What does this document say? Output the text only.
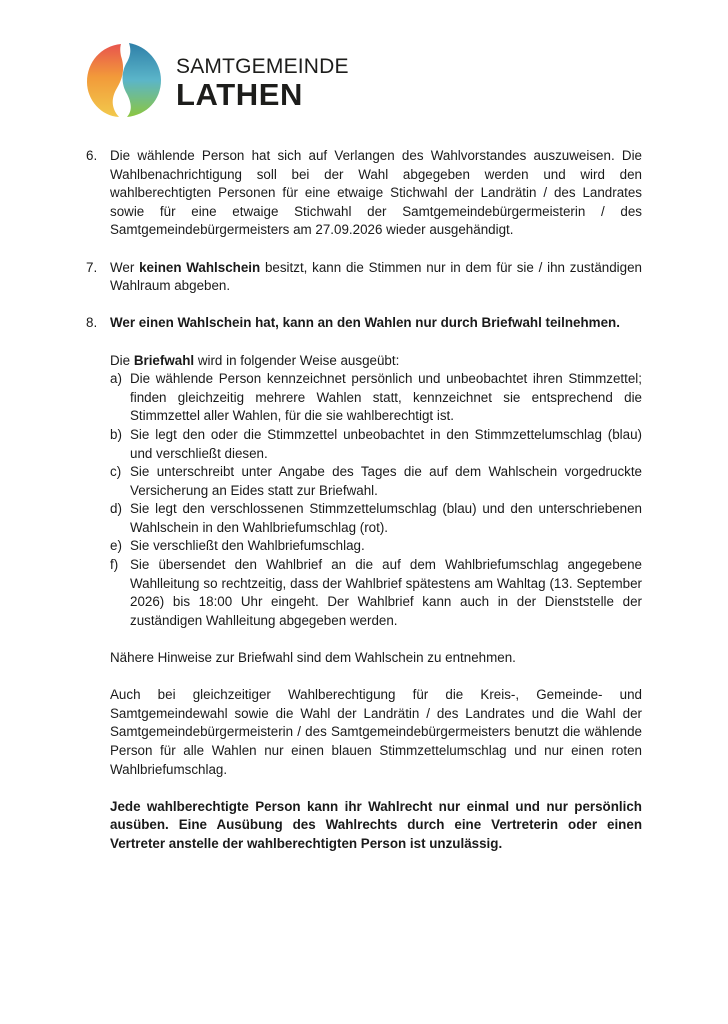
SAMTGEMEINDE
LATHEN
6. Die wählende Person hat sich auf Verlangen des Wahlvorstandes auszuweisen. Die Wahlbenachrichtigung soll bei der Wahl abgegeben werden und wird den wahlberechtigten Personen für eine etwaige Stichwahl der Landrätin / des Landrates sowie für eine etwaige Stichwahl der Samtgemeindebürgermeisterin / des Samtgemeindebürgermeisters am 27.09.2026 wieder ausgehändigt.
7. Wer keinen Wahlschein besitzt, kann die Stimmen nur in dem für sie / ihn zuständigen Wahlraum abgeben.
8. Wer einen Wahlschein hat, kann an den Wahlen nur durch Briefwahl teilnehmen.
Die Briefwahl wird in folgender Weise ausgeübt:
a) Die wählende Person kennzeichnet persönlich und unbeobachtet ihren Stimmzettel; finden gleichzeitig mehrere Wahlen statt, kennzeichnet sie entsprechend die Stimmzettel aller Wahlen, für die sie wahlberechtigt ist.
b) Sie legt den oder die Stimmzettel unbeobachtet in den Stimmzettelumschlag (blau) und verschließt diesen.
c) Sie unterschreibt unter Angabe des Tages die auf dem Wahlschein vorgedruckte Versicherung an Eides statt zur Briefwahl.
d) Sie legt den verschlossenen Stimmzettelumschlag (blau) und den unterschriebenen Wahlschein in den Wahlbriefumschlag (rot).
e) Sie verschließt den Wahlbriefumschlag.
f) Sie übersendet den Wahlbrief an die auf dem Wahlbriefumschlag angegebene Wahlleitung so rechtzeitig, dass der Wahlbrief spätestens am Wahltag (13. September 2026) bis 18:00 Uhr eingeht. Der Wahlbrief kann auch in der Dienststelle der zuständigen Wahlleitung abgegeben werden.
Nähere Hinweise zur Briefwahl sind dem Wahlschein zu entnehmen.
Auch bei gleichzeitiger Wahlberechtigung für die Kreis-, Gemeinde- und Samtgemeindewahl sowie die Wahl der Landrätin / des Landrates und die Wahl der Samtgemeindebürgermeisterin / des Samtgemeindebürgermeisters benutzt die wählende Person für alle Wahlen nur einen blauen Stimmzettelumschlag und nur einen roten Wahlbriefumschlag.
Jede wahlberechtigte Person kann ihr Wahlrecht nur einmal und nur persönlich ausüben. Eine Ausübung des Wahlrechts durch eine Vertreterin oder einen Vertreter anstelle der wahlberechtigten Person ist unzulässig.
